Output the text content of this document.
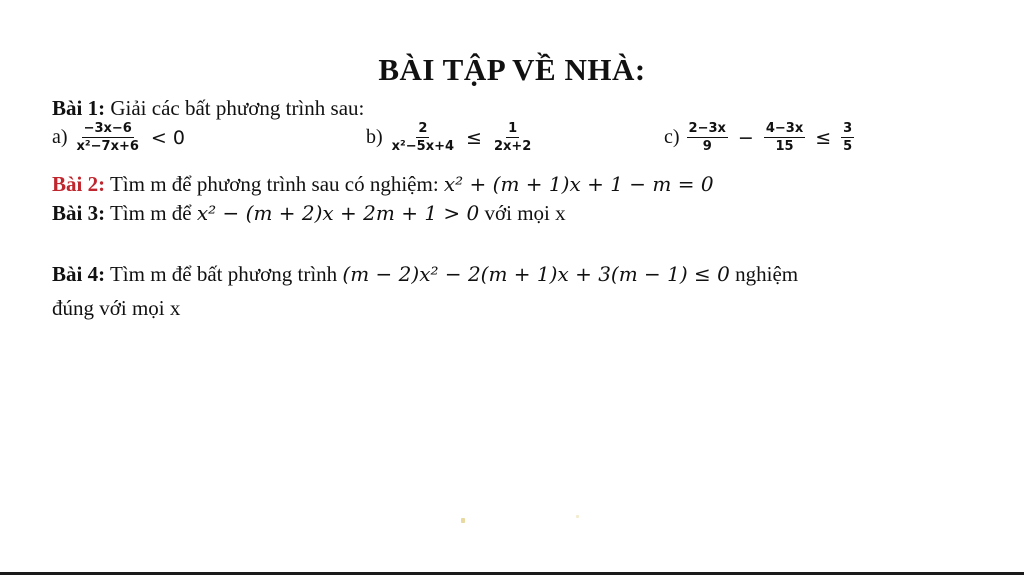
BÀI TẬP VỀ NHÀ:
Bài 1: Giải các bất phương trình sau:
$a) \frac{-3x-6}{\text{x²−7x+6}} < 0$	$b) \frac{2}{\text{x²−5x+4}} \le \frac{1}{2x+2}$	$c) \frac{2-3x}{9} - \frac{4-3x}{15} \le \frac{3}{5}$
Bài 2: Tìm m để phương trình sau có nghiệm: x² + (m + 1)x + 1 − m = 0
Bài 3: Tìm m để x² − (m + 2)x + 2m + 1 > 0 với mọi x
Bài 4: Tìm m để bất phương trình (m − 2)x² − 2(m + 1)x + 3(m − 1) ≤ 0 nghiệm
đúng với mọi x
